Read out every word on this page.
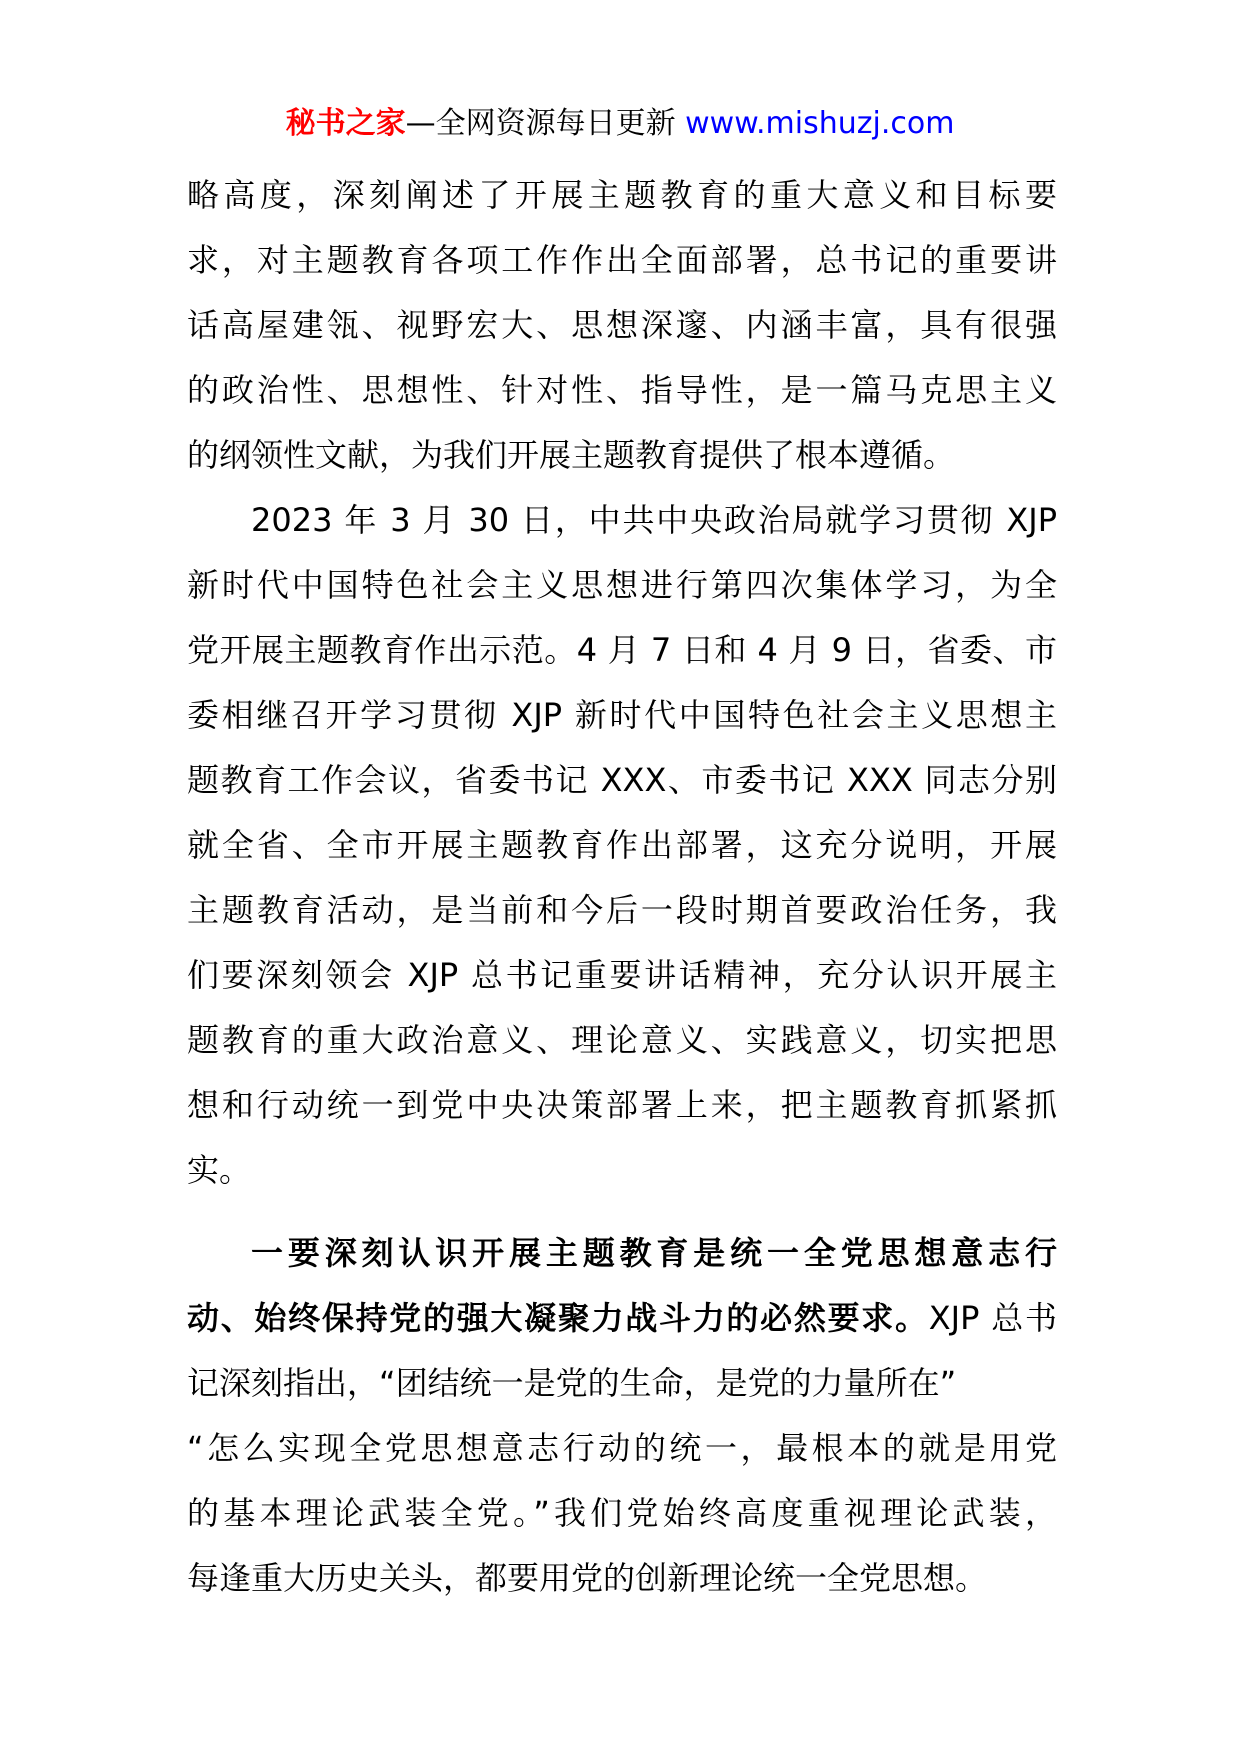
秘书之家—全网资源每日更新 www.mishuzj.com
略高度，深刻阐述了开展主题教育的重大意义和目标要
求，对主题教育各项工作作出全面部署，总书记的重要讲
话高屋建瓴、视野宏大、思想深邃、内涵丰富，具有很强
的政治性、思想性、针对性、指导性，是一篇马克思主义
的纲领性文献，为我们开展主题教育提供了根本遵循。
2023 年 3 月 30 日，中共中央政治局就学习贯彻 XJP
新时代中国特色社会主义思想进行第四次集体学习，为全
党开展主题教育作出示范。4 月 7 日和 4 月 9 日，省委、市
委相继召开学习贯彻 XJP 新时代中国特色社会主义思想主
题教育工作会议，省委书记 XXX、市委书记 XXX 同志分别
就全省、全市开展主题教育作出部署，这充分说明，开展
主题教育活动，是当前和今后一段时期首要政治任务，我
们要深刻领会 XJP 总书记重要讲话精神，充分认识开展主
题教育的重大政治意义、理论意义、实践意义，切实把思
想和行动统一到党中央决策部署上来，把主题教育抓紧抓
实。
一要深刻认识开展主题教育是统一全党思想意志行
动、始终保持党的强大凝聚力战斗力的必然要求。XJP 总书
记深刻指出，“团结统一是党的生命，是党的力量所在”
“怎么实现全党思想意志行动的统一，最根本的就是用党
的基本理论武装全党。”我们党始终高度重视理论武装，
每逢重大历史关头，都要用党的创新理论统一全党思想。
